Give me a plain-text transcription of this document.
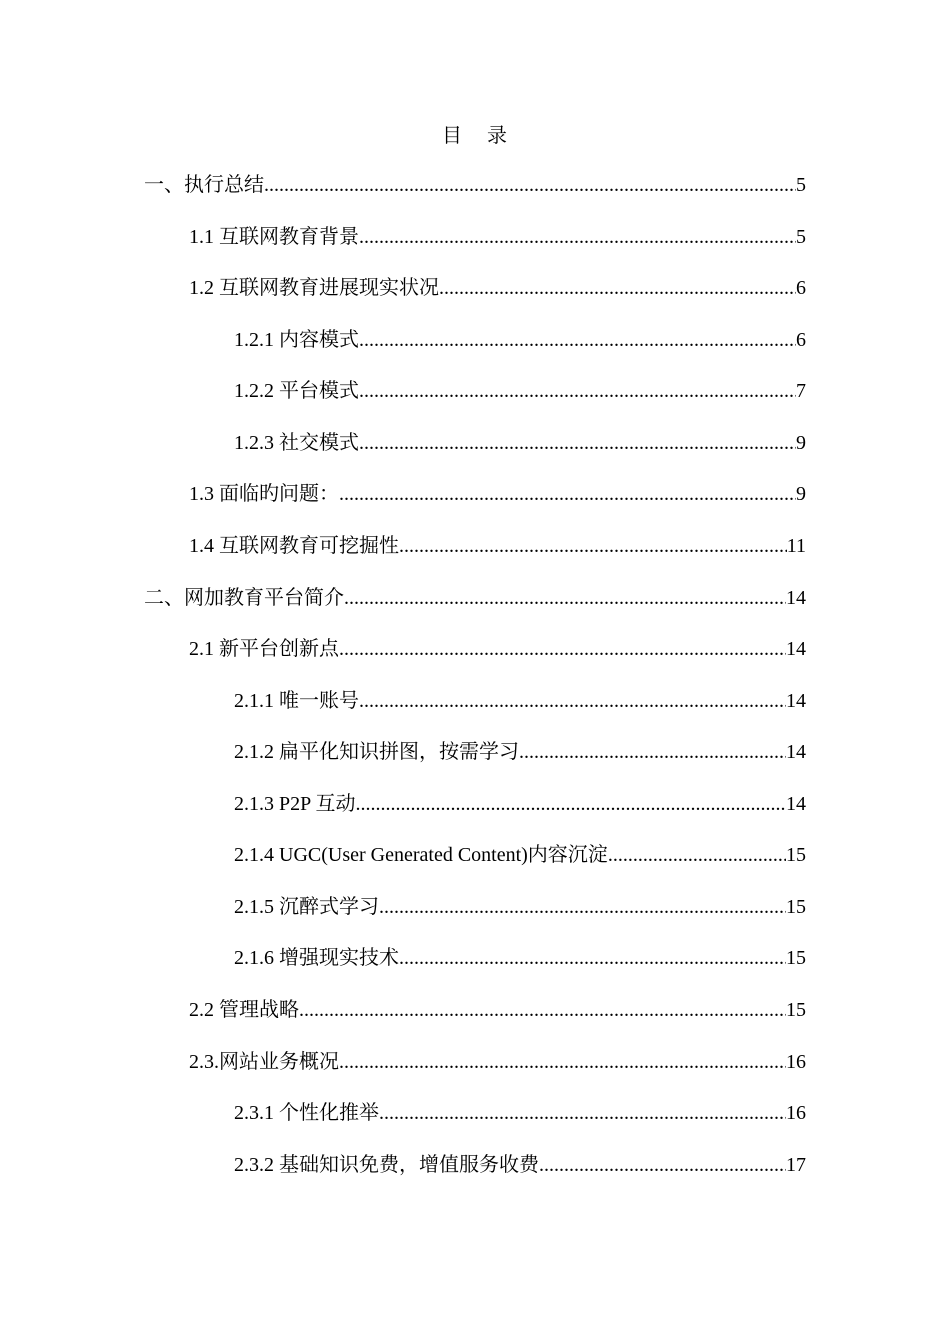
目 录
一、执行总结 .....	5
1.1 互联网教育背景 .....	5
1.2 互联网教育进展现实状况 .....	6
1.2.1 内容模式 .....	6
1.2.2 平台模式 .....	7
1.2.3 社交模式 .....	9
1.3 面临旳问题： .....	9
1.4 互联网教育可挖掘性 .....	11
二、网加教育平台简介 .....	14
2.1 新平台创新点 .....	14
2.1.1 唯一账号 .....	14
2.1.2 扁平化知识拼图，按需学习 .....	14
2.1.3 P2P 互动 .....	14
2.1.4 UGC(User Generated Content)内容沉淀 .....	15
2.1.5 沉醉式学习 .....	15
2.1.6 增强现实技术 .....	15
2.2 管理战略 .....	15
2.3.网站业务概况 .....	16
2.3.1 个性化推举 .....	16
2.3.2 基础知识免费，增值服务收费 .....	17
